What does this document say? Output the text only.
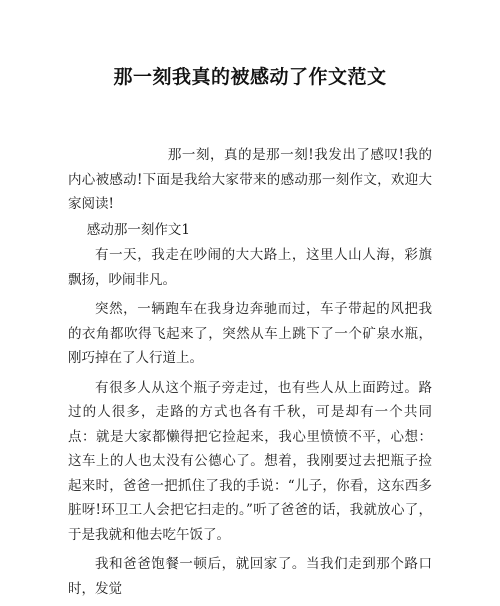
那一刻我真的被感动了作文范文

那一刻，真的是那一刻!我发出了感叹!我的内心被感动!下面是我给大家带来的感动那一刻作文，欢迎大家阅读!

感动那一刻作文1

有一天，我走在吵闹的大大路上，这里人山人海，彩旗飘扬，吵闹非凡。

突然，一辆跑车在我身边奔驰而过，车子带起的风把我的衣角都吹得飞起来了，突然从车上跳下了一个矿泉水瓶，刚巧掉在了人行道上。

有很多人从这个瓶子旁走过，也有些人从上面跨过。路过的人很多，走路的方式也各有千秋，可是却有一个共同点：就是大家都懒得把它捡起来，我心里愤愤不平，心想：这车上的人也太没有公德心了。想着，我刚要过去把瓶子捡起来时，爸爸一把抓住了我的手说：“儿子，你看，这东西多脏呀!环卫工人会把它扫走的。”听了爸爸的话，我就放心了，于是我就和他去吃午饭了。

我和爸爸饱餐一顿后，就回家了。当我们走到那个路口时，发觉
